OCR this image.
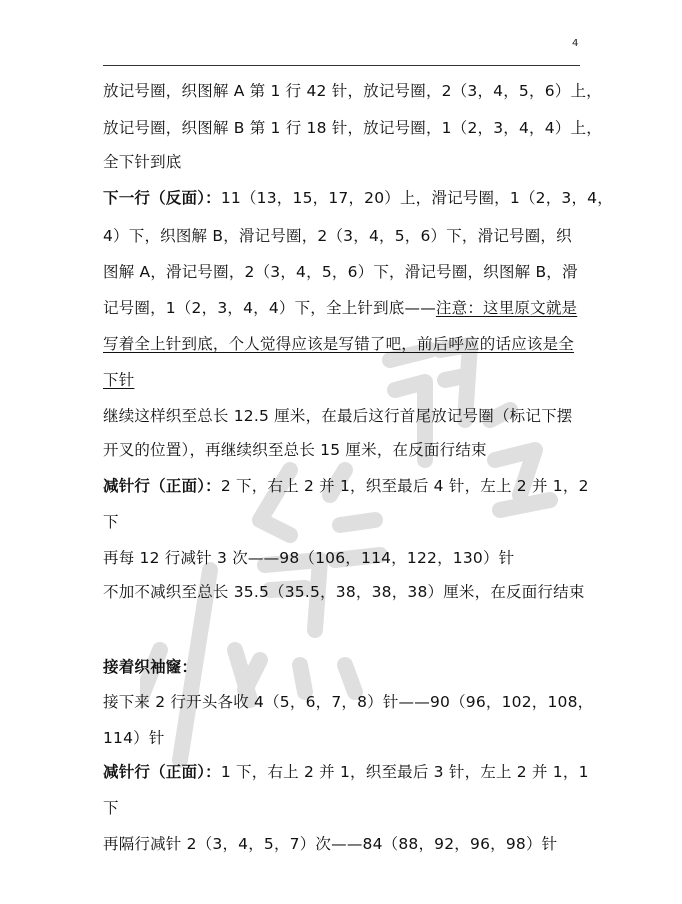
4
放记号圈，织图解 A 第 1 行 42 针，放记号圈，2（3，4，5，6）上，
放记号圈，织图解 B 第 1 行 18 针，放记号圈，1（2，3，4，4）上，
全下针到底
下一行（反面）：11（13，15，17，20）上，滑记号圈，1（2，3，4，
4）下，织图解 B，滑记号圈，2（3，4，5，6）下，滑记号圈，织
图解 A，滑记号圈，2（3，4，5，6）下，滑记号圈，织图解 B，滑
记号圈，1（2，3，4，4）下，全上针到底——注意：这里原文就是
写着全上针到底，个人觉得应该是写错了吧，前后呼应的话应该是全
下针
继续这样织至总长 12.5 厘米，在最后这行首尾放记号圈（标记下摆
开叉的位置），再继续织至总长 15 厘米，在反面行结束
减针行（正面）：2 下，右上 2 并 1，织至最后 4 针，左上 2 并 1，2
下
再每 12 行减针 3 次——98（106，114，122，130）针
不加不减织至总长 35.5（35.5，38，38，38）厘米，在反面行结束
接着织袖窿：
接下来 2 行开头各收 4（5，6，7，8）针——90（96，102，108，
114）针
减针行（正面）：1 下，右上 2 并 1，织至最后 3 针，左上 2 并 1，1
下
再隔行减针 2（3，4，5，7）次——84（88，92，96，98）针
